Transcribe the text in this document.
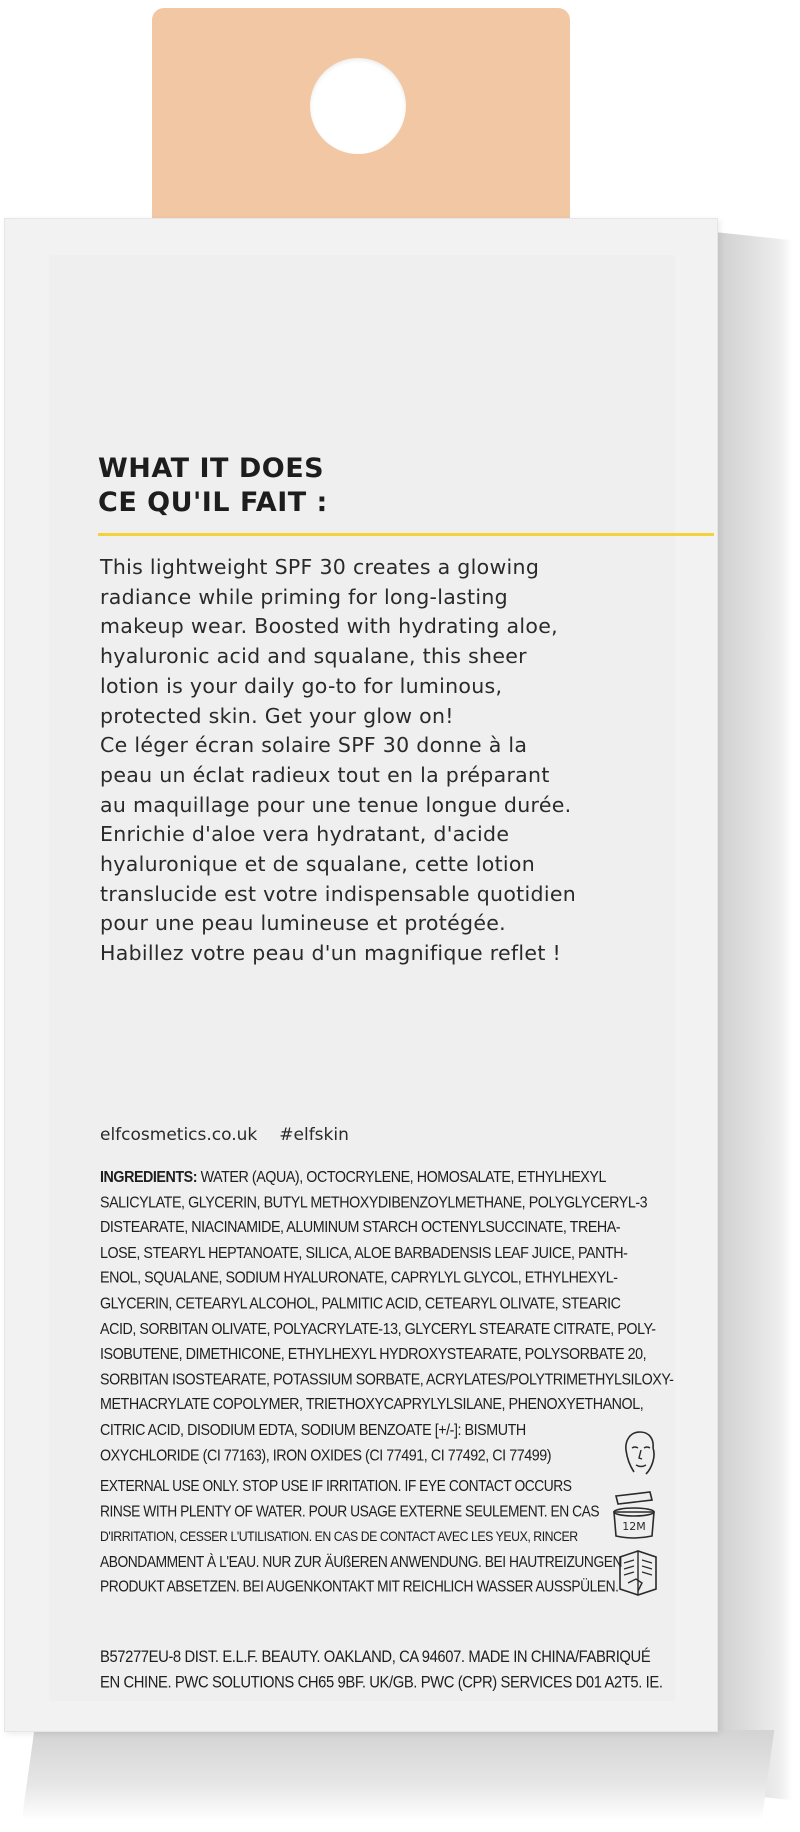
WHAT IT DOES
CE QU'IL FAIT :
This lightweight SPF 30 creates a glowing
radiance while priming for long-lasting
makeup wear. Boosted with hydrating aloe,
hyaluronic acid and squalane, this sheer
lotion is your daily go-to for luminous,
protected skin. Get your glow on!
Ce léger écran solaire SPF 30 donne à la
peau un éclat radieux tout en la préparant
au maquillage pour une tenue longue durée.
Enrichie d'aloe vera hydratant, d'acide
hyaluronique et de squalane, cette lotion
translucide est votre indispensable quotidien
pour une peau lumineuse et protégée.
Habillez votre peau d'un magnifique reflet !
elfcosmetics.co.uk #elfskin
INGREDIENTS: WATER (AQUA), OCTOCRYLENE, HOMOSALATE, ETHYLHEXYL
SALICYLATE, GLYCERIN, BUTYL METHOXYDIBENZOYLMETHANE, POLYGLYCERYL-3
DISTEARATE, NIACINAMIDE, ALUMINUM STARCH OCTENYLSUCCINATE, TREHA-
LOSE, STEARYL HEPTANOATE, SILICA, ALOE BARBADENSIS LEAF JUICE, PANTH-
ENOL, SQUALANE, SODIUM HYALURONATE, CAPRYLYL GLYCOL, ETHYLHEXYL-
GLYCERIN, CETEARYL ALCOHOL, PALMITIC ACID, CETEARYL OLIVATE, STEARIC
ACID, SORBITAN OLIVATE, POLYACRYLATE-13, GLYCERYL STEARATE CITRATE, POLY-
ISOBUTENE, DIMETHICONE, ETHYLHEXYL HYDROXYSTEARATE, POLYSORBATE 20,
SORBITAN ISOSTEARATE, POTASSIUM SORBATE, ACRYLATES/POLYTRIMETHYLSILOXY-
METHACRYLATE COPOLYMER, TRIETHOXYCAPRYLYLSILANE, PHENOXYETHANOL,
CITRIC ACID, DISODIUM EDTA, SODIUM BENZOATE [+/-]: BISMUTH
OXYCHLORIDE (CI 77163), IRON OXIDES (CI 77491, CI 77492, CI 77499)
EXTERNAL USE ONLY. STOP USE IF IRRITATION. IF EYE CONTACT OCCURS
RINSE WITH PLENTY OF WATER. POUR USAGE EXTERNE SEULEMENT. EN CAS
D'IRRITATION, CESSER L'UTILISATION. EN CAS DE CONTACT AVEC LES YEUX, RINCER
ABONDAMMENT À L'EAU. NUR ZUR ÄUßEREN ANWENDUNG. BEI HAUTREIZUNGEN
PRODUKT ABSETZEN. BEI AUGENKONTAKT MIT REICHLICH WASSER AUSSPÜLEN.
B57277EU-8 DIST. E.L.F. BEAUTY. OAKLAND, CA 94607. MADE IN CHINA/FABRIQUÉ
EN CHINE. PWC SOLUTIONS CH65 9BF. UK/GB. PWC (CPR) SERVICES D01 A2T5. IE.
12M
